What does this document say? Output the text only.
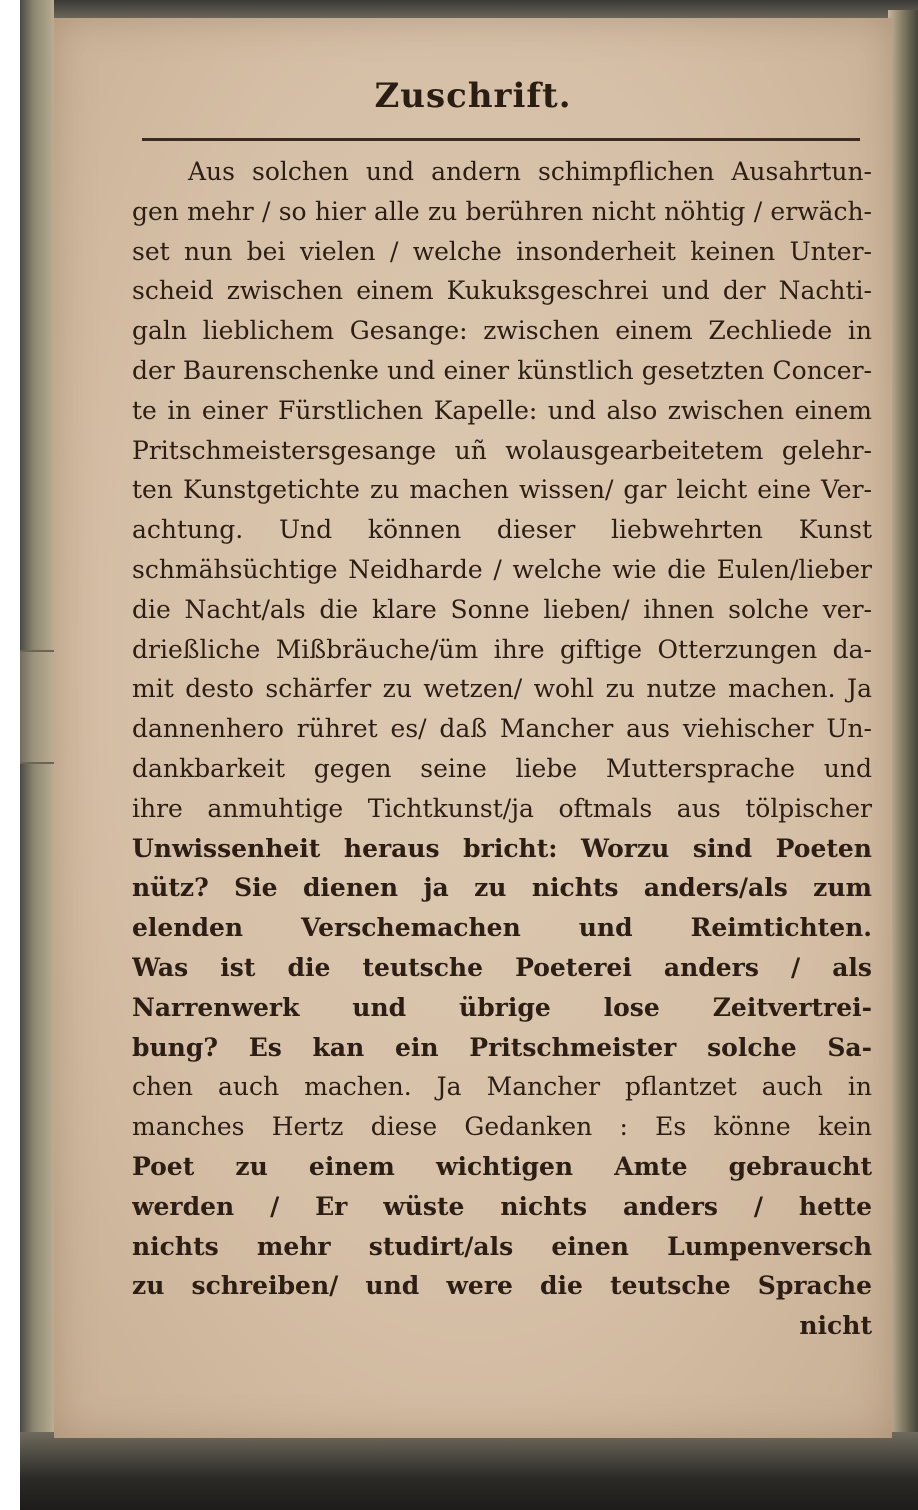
Zuschrift.
Aus solchen und andern schimpflichen Ausahrtun-
gen mehr / so hier alle zu berühren nicht nöhtig / erwäch-
set nun bei vielen / welche insonderheit keinen Unter-
scheid zwischen einem Kukuksgeschrei und der Nachti-
galn lieblichem Gesange: zwischen einem Zechliede in
der Baurenschenke und einer künstlich gesetzten Concer-
te in einer Fürstlichen Kapelle: und also zwischen einem
Pritschmeistersgesange uñ wolausgearbeitetem gelehr-
ten Kunstgetichte zu machen wissen/ gar leicht eine Ver-
achtung. Und können dieser liebwehrten Kunst
schmähsüchtige Neidharde / welche wie die Eulen/lieber
die Nacht/als die klare Sonne lieben/ ihnen solche ver-
drießliche Mißbräuche/üm ihre giftige Otterzungen da-
mit desto schärfer zu wetzen/ wohl zu nutze machen. Ja
dannenhero rühret es/ daß Mancher aus viehischer Un-
dankbarkeit gegen seine liebe Muttersprache und
ihre anmuhtige Tichtkunst/ja oftmals aus tölpischer
Unwissenheit heraus bricht: Worzu sind Poeten
nütz? Sie dienen ja zu nichts anders/als zum
elenden Verschemachen und Reimtichten.
Was ist die teutsche Poeterei anders / als
Narrenwerk und übrige lose Zeitvertrei-
bung? Es kan ein Pritschmeister solche Sa-
chen auch machen. Ja Mancher pflantzet auch in
manches Hertz diese Gedanken : Es könne kein
Poet zu einem wichtigen Amte gebraucht
werden / Er wüste nichts anders / hette
nichts mehr studirt/als einen Lumpenversch
zu schreiben/ und were die teutsche Sprache
nicht
